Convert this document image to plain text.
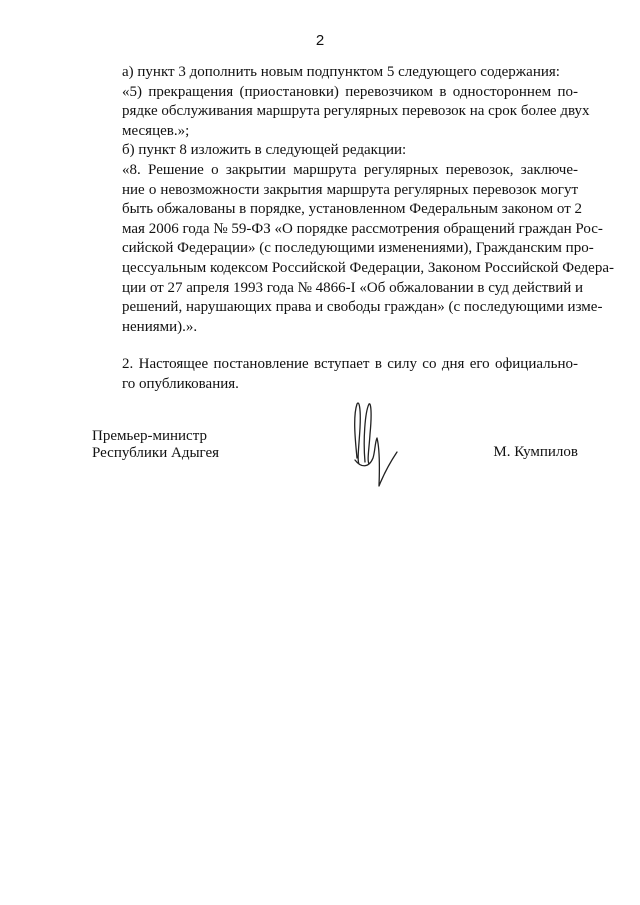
2

а) пункт 3 дополнить новым подпунктом 5 следующего содержания:

«5) прекращения (приостановки) перевозчиком в одностороннем по-
рядке обслуживания маршрута регулярных перевозок на срок более двух
месяцев.»;

б) пункт 8 изложить в следующей редакции:

«8. Решение о закрытии маршрута регулярных перевозок, заключе-
ние о невозможности закрытия маршрута регулярных перевозок могут
быть обжалованы в порядке, установленном Федеральным законом от 2
мая 2006 года № 59-ФЗ «О порядке рассмотрения обращений граждан Рос-
сийской Федерации» (с последующими изменениями), Гражданским про-
цессуальным кодексом Российской Федерации, Законом Российской Федера-
ции от 27 апреля 1993 года № 4866-I «Об обжаловании в суд действий и
решений, нарушающих права и свободы граждан» (с последующими изме-
нениями).».

2. Настоящее постановление вступает в силу со дня его официально-
го опубликования.

Премьер-министр
Республики Адыгея	М. Кумпилов
